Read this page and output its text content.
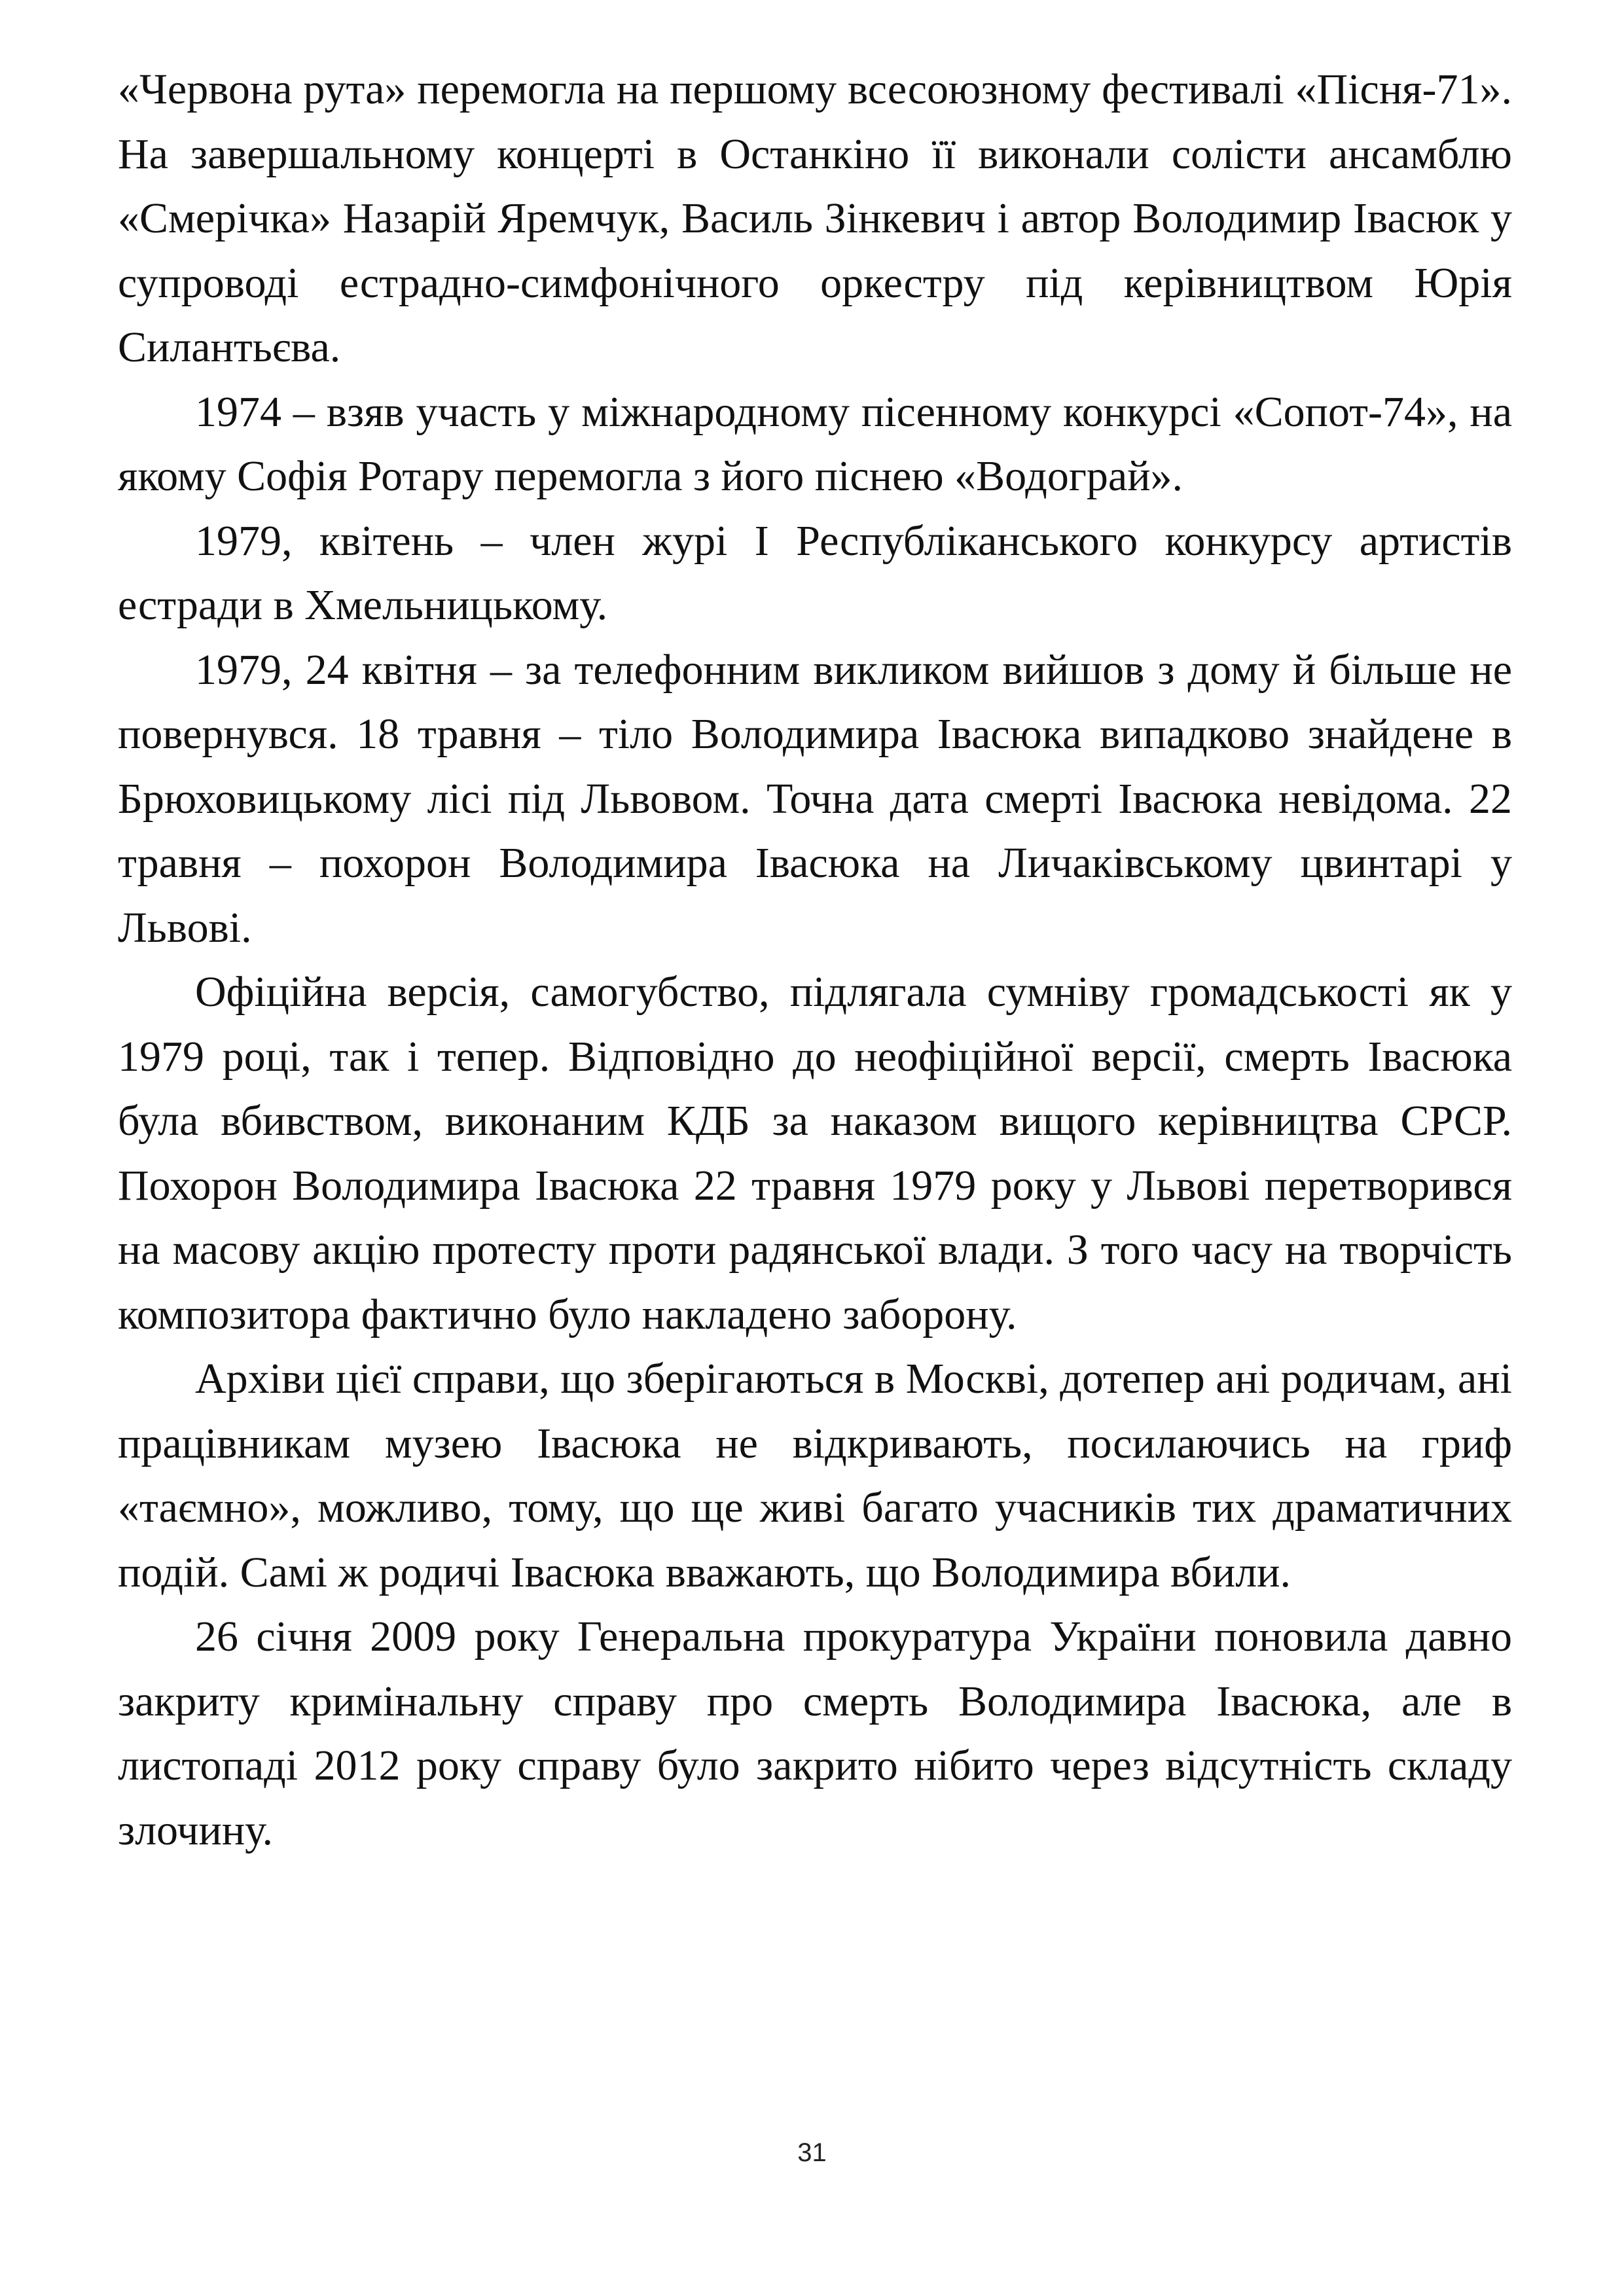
«Червона рута» перемогла на першому всесоюзному фестивалі «Пісня-71». На завершальному концерті в Останкіно її виконали солісти ансамблю «Смерічка» Назарій Яремчук, Василь Зінкевич і автор Володимир Івасюк у супроводі естрадно-симфонічного оркестру під керівництвом Юрія Силантьєва.

1974 – взяв участь у міжнародному пісенному конкурсі «Сопот-74», на якому Софія Ротару перемогла з його піснею «Водограй».

1979, квітень – член журі I Республіканського конкурсу артистів естради в Хмельницькому.

1979, 24 квітня – за телефонним викликом вийшов з дому й більше не повернувся. 18 травня – тіло Володимира Івасюка випадково знайдене в Брюховицькому лісі під Львовом. Точна дата смерті Івасюка невідома. 22 травня – похорон Володимира Івасюка на Личаківському цвинтарі у Львові.

Офіційна версія, самогубство, підлягала сумніву громадськості як у 1979 році, так і тепер. Відповідно до неофіційної версії, смерть Івасюка була вбивством, виконаним КДБ за наказом вищого керівництва СРСР. Похорон Володимира Івасюка 22 травня 1979 року у Львові перетворився на масову акцію протесту проти радянської влади. З того часу на творчість композитора фактично було накладено заборону.

Архіви цієї справи, що зберігаються в Москві, дотепер ані родичам, ані працівникам музею Івасюка не відкривають, посилаючись на гриф «таємно», можливо, тому, що ще живі багато учасників тих драматичних подій. Самі ж родичі Івасюка вважають, що Володимира вбили.

26 січня 2009 року Генеральна прокуратура України поновила давно закриту кримінальну справу про смерть Володимира Івасюка, але в листопаді 2012 року справу було закрито нібито через відсутність складу злочину.

31
